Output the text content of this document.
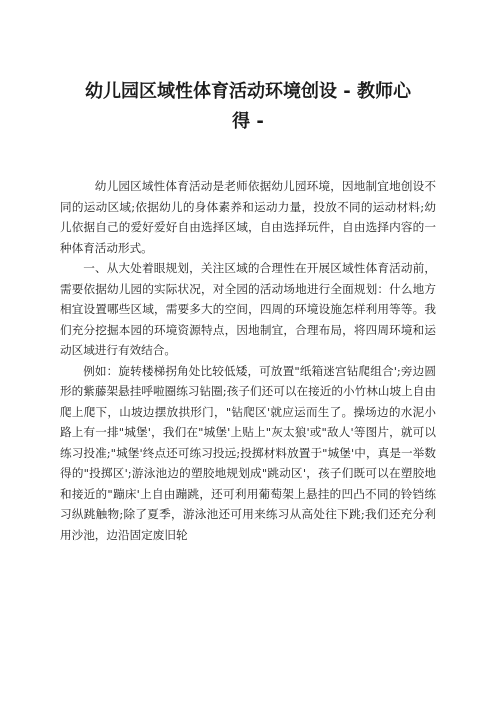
幼儿园区域性体育活动环境创设 - 教师心
得 -

幼儿园区域性体育活动是老师依据幼儿园环境，因地制宜地创设不同的运动区域;依据幼儿的身体素养和运动力量，投放不同的运动材料;幼儿依据自己的爱好爱好自由选择区域，自由选择玩件，自由选择内容的一种体育活动形式。

一、从大处着眼规划，关注区域的合理性在开展区域性体育活动前，需要依据幼儿园的实际状况，对全园的活动场地进行全面规划：什么地方相宜设置哪些区域，需要多大的空间，四周的环境设施怎样利用等等。我们充分挖掘本园的环境资源特点，因地制宜，合理布局，将四周环境和运动区域进行有效结合。

例如：旋转楼梯拐角处比较低矮，可放置"纸箱迷宫钻爬组合';旁边圆形的紫藤架悬挂呼啦圈练习钻圈;孩子们还可以在接近的小竹林山坡上自由爬上爬下，山坡边摆放拱形门，"钻爬区'就应运而生了。操场边的水泥小路上有一排"城堡'，我们在"城堡'上贴上"灰太狼'或"敌人'等图片，就可以练习投准;"城堡'终点还可练习投远;投掷材料放置于"城堡'中，真是一举数得的"投掷区';游泳池边的塑胶地规划成"跳动区'，孩子们既可以在塑胶地和接近的"蹦床'上自由蹦跳，还可利用葡萄架上悬挂的凹凸不同的铃铛练习纵跳触物;除了夏季，游泳池还可用来练习从高处往下跳;我们还充分利用沙池，边沿固定废旧轮
